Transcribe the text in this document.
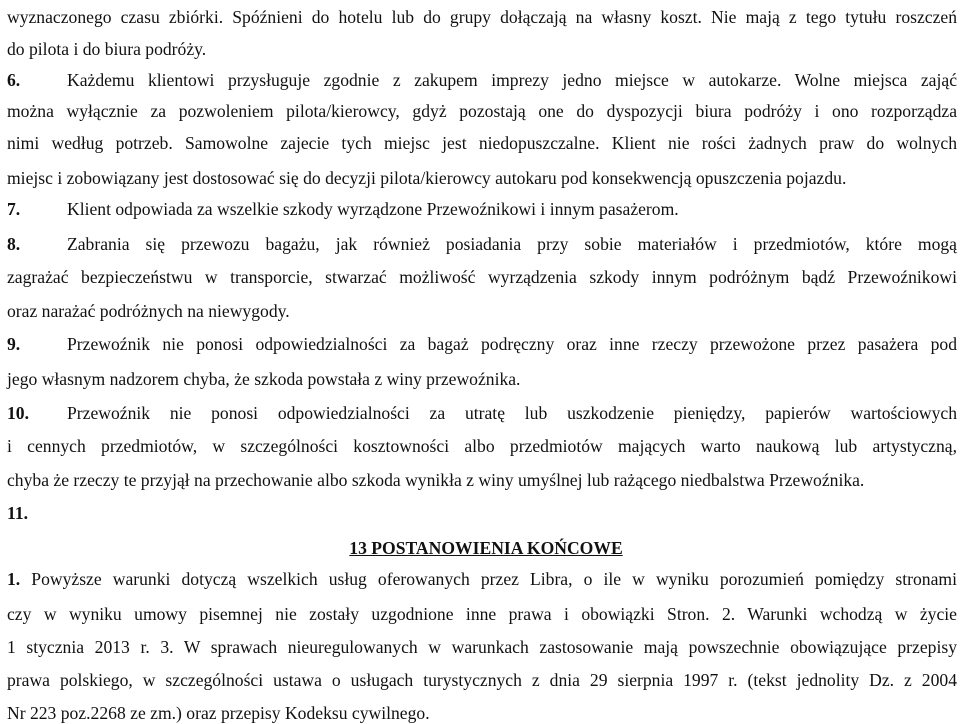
wyznaczonego czasu zbiórki. Spóźnieni do hotelu lub do grupy dołączają na własny koszt. Nie mają z tego tytułu roszczeń
do pilota i do biura podróży.
6.	Każdemu klientowi przysługuje zgodnie z zakupem imprezy jedno miejsce w autokarze. Wolne miejsca zająć
można wyłącznie za pozwoleniem pilota/kierowcy, gdyż pozostają one do dyspozycji biura podróży i ono rozporządza
nimi według potrzeb. Samowolne zajecie tych miejsc jest niedopuszczalne. Klient nie rości żadnych praw do wolnych
miejsc i zobowiązany jest dostosować się do decyzji pilota/kierowcy autokaru pod konsekwencją opuszczenia pojazdu.
7.	Klient odpowiada za wszelkie szkody wyrządzone Przewoźnikowi i innym pasażerom.
8.	Zabrania się przewozu bagażu, jak również posiadania przy sobie materiałów i przedmiotów, które mogą
zagrażać bezpieczeństwu w transporcie, stwarzać możliwość wyrządzenia szkody innym podróżnym bądź Przewoźnikowi
oraz narażać podróżnych na niewygody.
9.	Przewoźnik nie ponosi odpowiedzialności za bagaż podręczny oraz inne rzeczy przewożone przez pasażera pod
jego własnym nadzorem chyba, że szkoda powstała z winy przewoźnika.
10. Przewoźnik nie ponosi odpowiedzialności za utratę lub uszkodzenie pieniędzy, papierów wartościowych
i cennych przedmiotów, w szczególności kosztowności albo przedmiotów mających warto naukową lub artystyczną,
chyba że rzeczy te przyjął na przechowanie albo szkoda wynikła z winy umyślnej lub rażącego niedbalstwa Przewoźnika.
11.
13 POSTANOWIENIA KOŃCOWE
1. Powyższe warunki dotyczą wszelkich usług oferowanych przez Libra, o ile w wyniku porozumień pomiędzy stronami
czy w wyniku umowy pisemnej nie zostały uzgodnione inne prawa i obowiązki Stron. 2. Warunki wchodzą w życie
1 stycznia 2013 r. 3. W sprawach nieuregulowanych w warunkach zastosowanie mają powszechnie obowiązujące przepisy
prawa polskiego, w szczególności ustawa o usługach turystycznych z dnia 29 sierpnia 1997 r. (tekst jednolity Dz. z 2004
Nr 223 poz.2268 ze zm.) oraz przepisy Kodeksu cywilnego.
